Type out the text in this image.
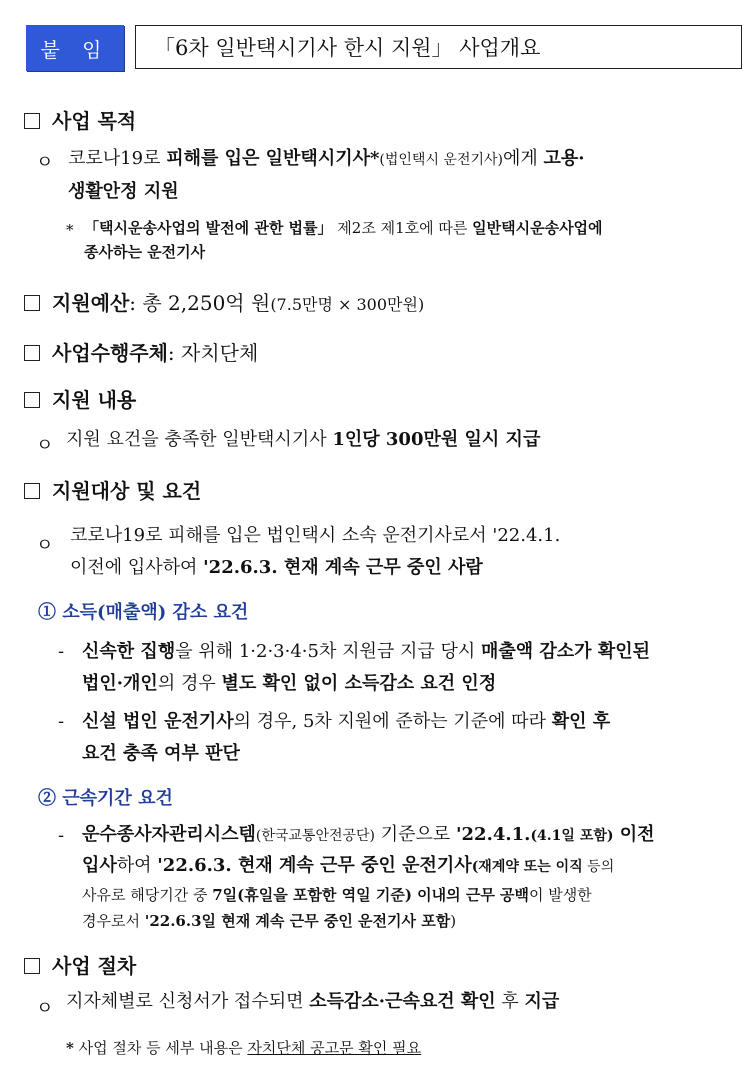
붙 임	「6차 일반택시기사 한시 지원」 사업개요
사업 목적
ㅇ 코로나19로 피해를 입은 일반택시기사*(법인택시 운전기사)에게 고용·
생활안정 지원
* 「택시운송사업의 발전에 관한 법률」 제2조 제1호에 따른 일반택시운송사업에
종사하는 운전기사
지원예산: 총 2,250억 원(7.5만명 × 300만원)
사업수행주체: 자치단체
지원 내용
ㅇ 지원 요건을 충족한 일반택시기사 1인당 300만원 일시 지급
지원대상 및 요건
ㅇ 코로나19로 피해를 입은 법인택시 소속 운전기사로서 '22.4.1.
이전에 입사하여 '22.6.3. 현재 계속 근무 중인 사람
① 소득(매출액) 감소 요건
- 신속한 집행을 위해 1·2·3·4·5차 지원금 지급 당시 매출액 감소가 확인된
법인·개인의 경우 별도 확인 없이 소득감소 요건 인정
- 신설 법인 운전기사의 경우, 5차 지원에 준하는 기준에 따라 확인 후
요건 충족 여부 판단
② 근속기간 요건
- 운수종사자관리시스템(한국교통안전공단) 기준으로 '22.4.1.(4.1일 포함) 이전
입사하여 '22.6.3. 현재 계속 근무 중인 운전기사(재계약 또는 이직 등의
사유로 해당기간 중 7일(휴일을 포함한 역일 기준) 이내의 근무 공백이 발생한
경우로서 '22.6.3일 현재 계속 근무 중인 운전기사 포함)
사업 절차
ㅇ 지자체별로 신청서가 접수되면 소득감소·근속요건 확인 후 지급
* 사업 절차 등 세부 내용은 자치단체 공고문 확인 필요
